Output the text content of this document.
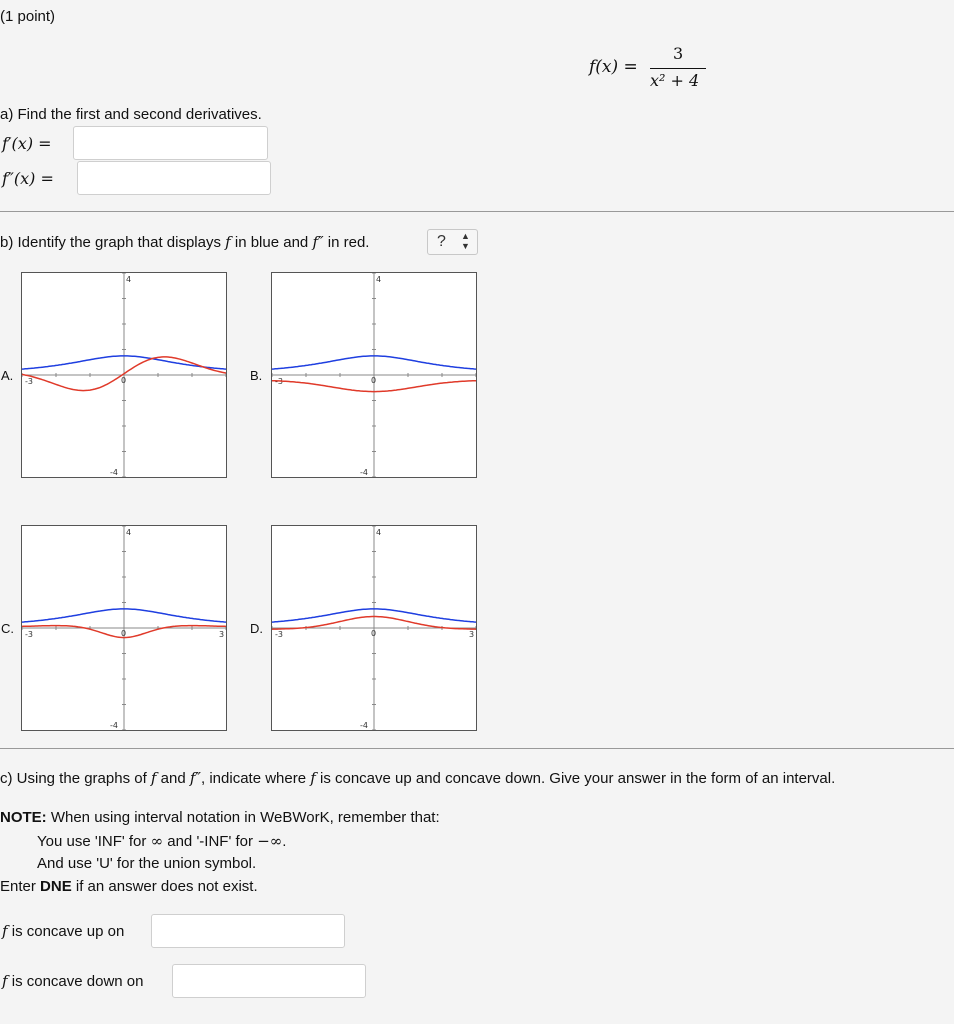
(1 point)
f(x) =
3
x² + 4
a) Find the first and second derivatives.
f′(x) =
f″(x) =
b) Identify the graph that displays f in blue and f″ in red.	? ▲
▼
A.
4
-4
-3	0	B.
4
-4
-3	0
C.
4
-4
-3	3
0	D.
4
-4
-3	3
0
c) Using the graphs of f and f″, indicate where f is concave up and concave down. Give your answer in the form of an interval.
NOTE: When using interval notation in WeBWorK, remember that:
You use 'INF' for ∞ and '-INF' for −∞.
And use 'U' for the union symbol.
Enter DNE if an answer does not exist.
f is concave up on
f is concave down on
